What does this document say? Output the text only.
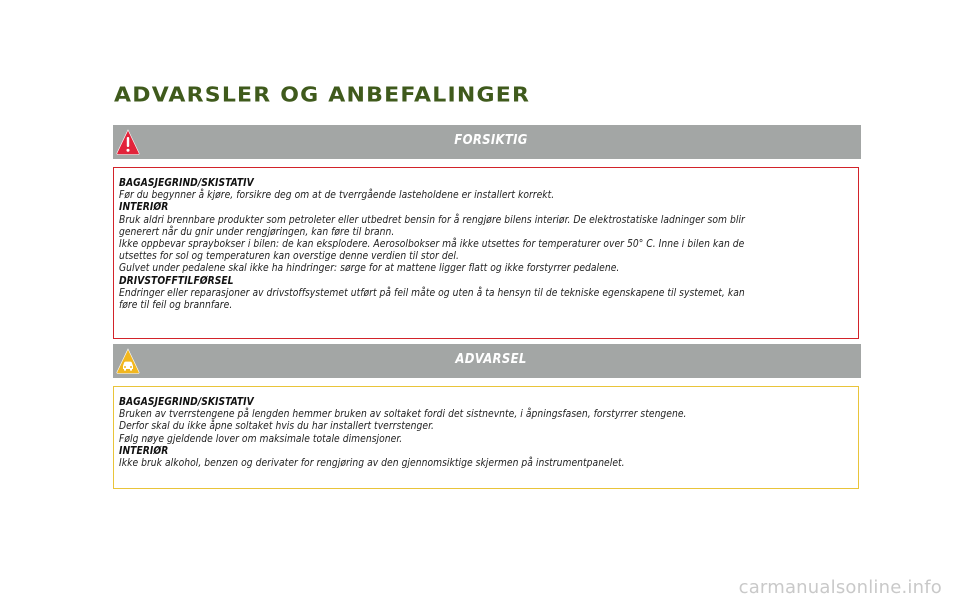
ADVARSLER OG ANBEFALINGER
FORSIKTIG
BAGASJEGRIND/SKISTATIV
Før du begynner å kjøre, forsikre deg om at de tverrgående lasteholdene er installert korrekt.
INTERIØR
Bruk aldri brennbare produkter som petroleter eller utbedret bensin for å rengjøre bilens interiør. De elektrostatiske ladninger som blir
generert når du gnir under rengjøringen, kan føre til brann.
Ikke oppbevar spraybokser i bilen: de kan eksplodere. Aerosolbokser må ikke utsettes for temperaturer over 50° C. Inne i bilen kan de
utsettes for sol og temperaturen kan overstige denne verdien til stor del.
Gulvet under pedalene skal ikke ha hindringer: sørge for at mattene ligger flatt og ikke forstyrrer pedalene.
DRIVSTOFFTILFØRSEL
Endringer eller reparasjoner av drivstoffsystemet utført på feil måte og uten å ta hensyn til de tekniske egenskapene til systemet, kan
føre til feil og brannfare.
ADVARSEL
BAGASJEGRIND/SKISTATIV
Bruken av tverrstengene på lengden hemmer bruken av soltaket fordi det sistnevnte, i åpningsfasen, forstyrrer stengene.
Derfor skal du ikke åpne soltaket hvis du har installert tverrstenger.
Følg nøye gjeldende lover om maksimale totale dimensjoner.
INTERIØR
Ikke bruk alkohol, benzen og derivater for rengjøring av den gjennomsiktige skjermen på instrumentpanelet.
carmanualsonline.info
